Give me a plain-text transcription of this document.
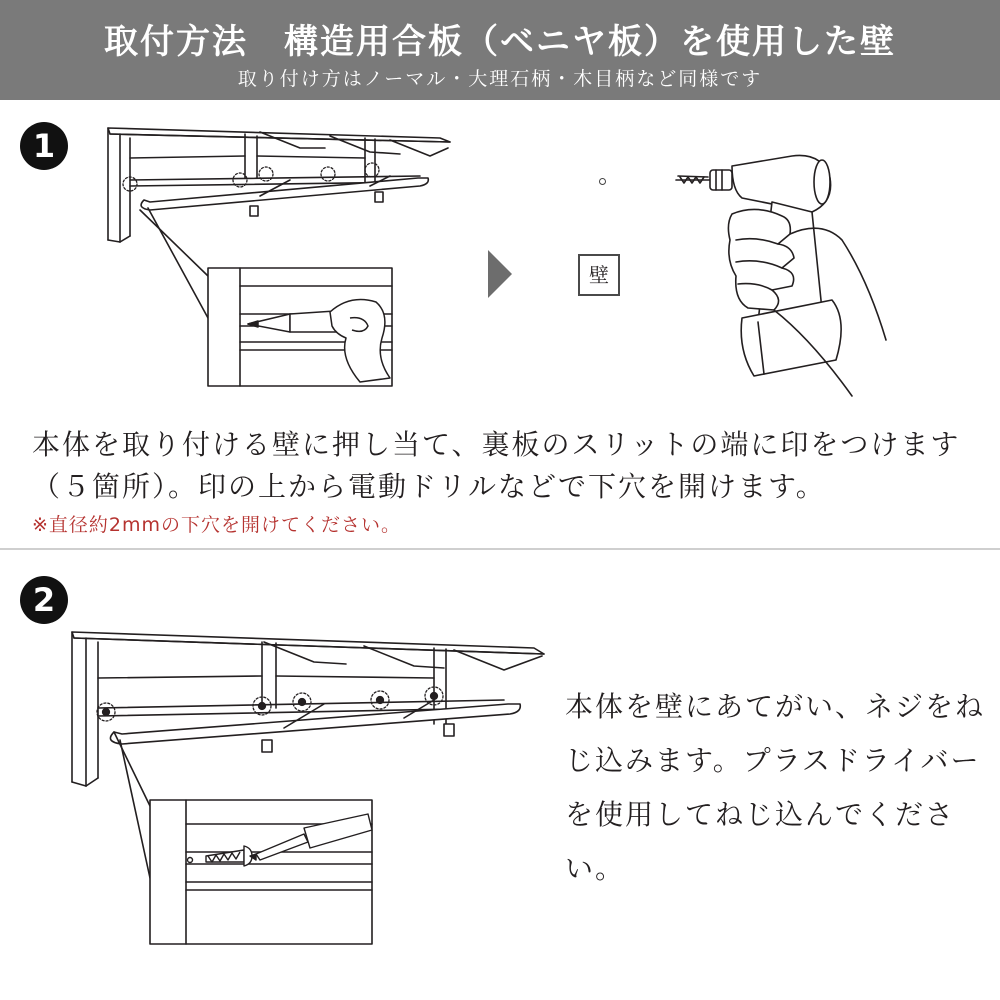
取付方法　構造用合板（ベニヤ板）を使用した壁
取り付け方はノーマル・大理石柄・木目柄など同様です
1
壁
本体を取り付ける壁に押し当て、裏板のスリットの端に印をつけます（５箇所）。印の上から電動ドリルなどで下穴を開けます。
※直径約2mmの下穴を開けてください。
2
本体を壁にあてがい、ネジをねじ込みます。プラスドライバーを使用してねじ込んでください。
